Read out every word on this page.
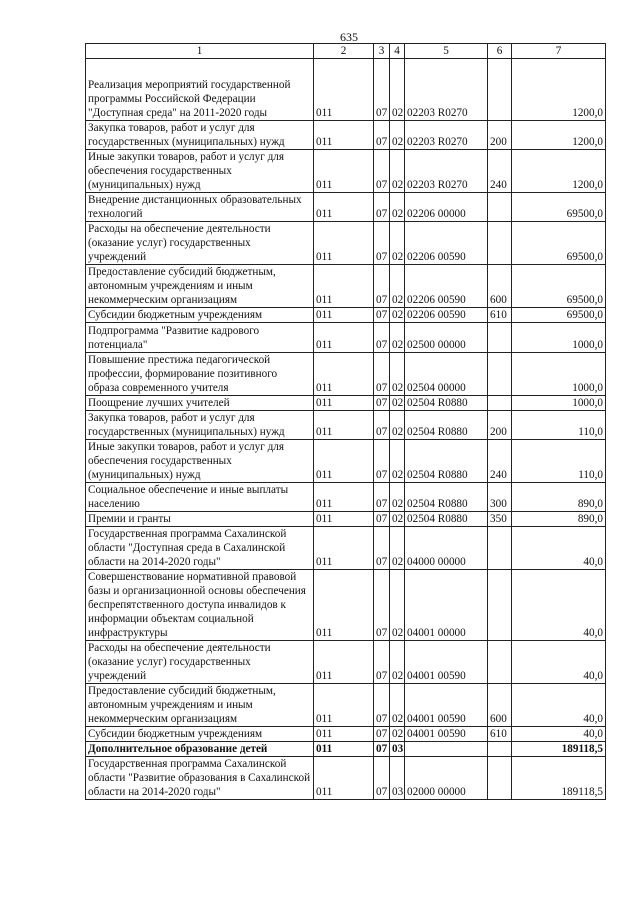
635
1	2	3	4	5	6	7
Реализация мероприятий государственной программы Российской Федерации "Доступная среда" на 2011-2020 годы	011	07	02	02203 R0270		1200,0
Закупка товаров, работ и услуг для государственных (муниципальных) нужд	011	07	02	02203 R0270	200	1200,0
Иные закупки товаров, работ и услуг для обеспечения государственных (муниципальных) нужд	011	07	02	02203 R0270	240	1200,0
Внедрение дистанционных образовательных технологий	011	07	02	02206 00000		69500,0
Расходы на обеспечение деятельности (оказание услуг) государственных учреждений	011	07	02	02206 00590		69500,0
Предоставление субсидий бюджетным, автономным учреждениям и иным некоммерческим организациям	011	07	02	02206 00590	600	69500,0
Субсидии бюджетным учреждениям	011	07	02	02206 00590	610	69500,0
Подпрограмма "Развитие кадрового потенциала"	011	07	02	02500 00000		1000,0
Повышение престижа педагогической профессии, формирование позитивного образа современного учителя	011	07	02	02504 00000		1000,0
Поощрение лучших учителей	011	07	02	02504 R0880		1000,0
Закупка товаров, работ и услуг для государственных (муниципальных) нужд	011	07	02	02504 R0880	200	110,0
Иные закупки товаров, работ и услуг для обеспечения государственных (муниципальных) нужд	011	07	02	02504 R0880	240	110,0
Социальное обеспечение и иные выплаты населению	011	07	02	02504 R0880	300	890,0
Премии и гранты	011	07	02	02504 R0880	350	890,0
Государственная программа Сахалинской области "Доступная среда в Сахалинской области на 2014-2020 годы"	011	07	02	04000 00000		40,0
Совершенствование нормативной правовой базы и организационной основы обеспечения беспрепятственного доступа инвалидов к информации объектам социальной инфраструктуры	011	07	02	04001 00000		40,0
Расходы на обеспечение деятельности (оказание услуг) государственных учреждений	011	07	02	04001 00590		40,0
Предоставление субсидий бюджетным, автономным учреждениям и иным некоммерческим организациям	011	07	02	04001 00590	600	40,0
Субсидии бюджетным учреждениям	011	07	02	04001 00590	610	40,0
Дополнительное образование детей	011	07	03			189118,5
Государственная программа Сахалинской области "Развитие образования в Сахалинской области на 2014-2020 годы"	011	07	03	02000 00000		189118,5
